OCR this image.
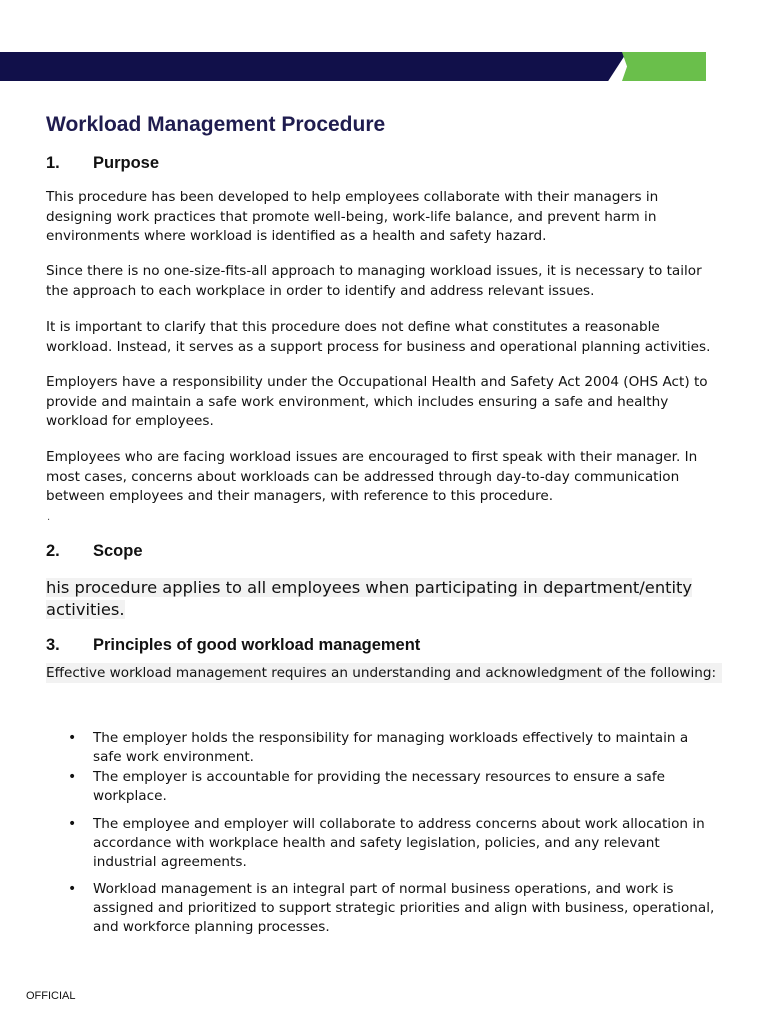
Workload Management Procedure
1. Purpose

This procedure has been developed to help employees collaborate with their managers in designing work practices that promote well-being, work-life balance, and prevent harm in environments where workload is identified as a health and safety hazard.

Since there is no one-size-fits-all approach to managing workload issues, it is necessary to tailor the approach to each workplace in order to identify and address relevant issues.

It is important to clarify that this procedure does not define what constitutes a reasonable workload. Instead, it serves as a support process for business and operational planning activities.

Employers have a responsibility under the Occupational Health and Safety Act 2004 (OHS Act) to provide and maintain a safe work environment, which includes ensuring a safe and healthy workload for employees.

Employees who are facing workload issues are encouraged to first speak with their manager. In most cases, concerns about workloads can be addressed through day-to-day communication between employees and their managers, with reference to this procedure.

.
2. Scope

his procedure applies to all employees when participating in department/entity activities.

3. Principles of good workload management

Effective workload management requires an understanding and acknowledgment of the following:

• The employer holds the responsibility for managing workloads effectively to maintain a safe work environment.

• The employer is accountable for providing the necessary resources to ensure a safe workplace.

• The employee and employer will collaborate to address concerns about work allocation in accordance with workplace health and safety legislation, policies, and any relevant industrial agreements.

• Workload management is an integral part of normal business operations, and work is assigned and prioritized to support strategic priorities and align with business, operational, and workforce planning processes.

OFFICIAL
